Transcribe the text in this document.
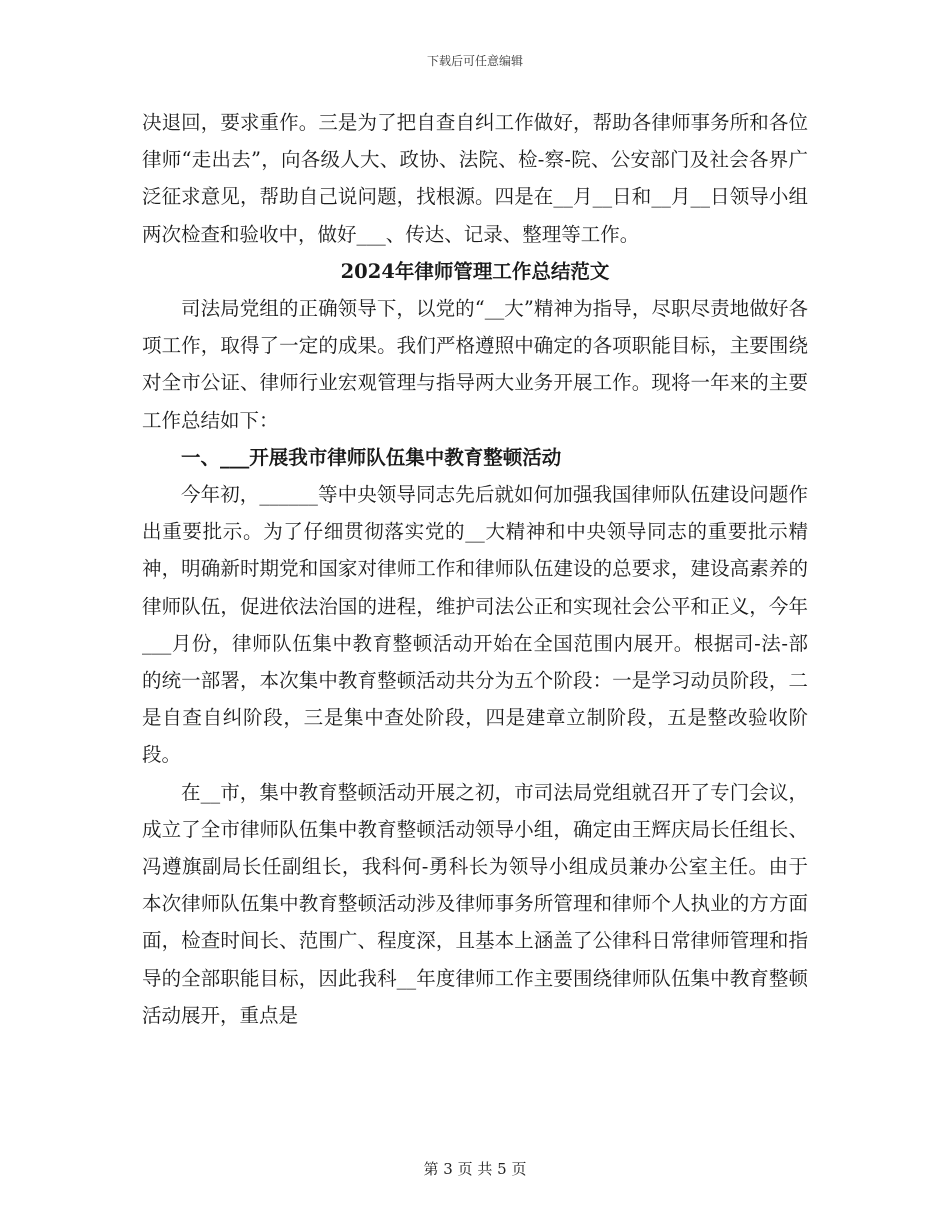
下载后可任意编辑

决退回，要求重作。三是为了把自查自纠工作做好，帮助各律师事务所和各位律师“走出去”，向各级人大、政协、法院、检-察-院、公安部门及社会各界广泛征求意见，帮助自己说问题，找根源。四是在__月__日和__月__日领导小组两次检查和验收中，做好___、传达、记录、整理等工作。

2024年律师管理工作总结范文

司法局党组的正确领导下，以党的“__大”精神为指导，尽职尽责地做好各项工作，取得了一定的成果。我们严格遵照中确定的各项职能目标，主要围绕对全市公证、律师行业宏观管理与指导两大业务开展工作。现将一年来的主要工作总结如下：

一、___开展我市律师队伍集中教育整顿活动

今年初，______等中央领导同志先后就如何加强我国律师队伍建设问题作出重要批示。为了仔细贯彻落实党的__大精神和中央领导同志的重要批示精神，明确新时期党和国家对律师工作和律师队伍建设的总要求，建设高素养的律师队伍，促进依法治国的进程，维护司法公正和实现社会公平和正义，今年___月份，律师队伍集中教育整顿活动开始在全国范围内展开。根据司-法-部的统一部署，本次集中教育整顿活动共分为五个阶段：一是学习动员阶段，二是自查自纠阶段，三是集中查处阶段，四是建章立制阶段，五是整改验收阶段。

在__市，集中教育整顿活动开展之初，市司法局党组就召开了专门会议，成立了全市律师队伍集中教育整顿活动领导小组，确定由王辉庆局长任组长、冯遵旗副局长任副组长，我科何-勇科长为领导小组成员兼办公室主任。由于本次律师队伍集中教育整顿活动涉及律师事务所管理和律师个人执业的方方面面，检查时间长、范围广、程度深，且基本上涵盖了公律科日常律师管理和指导的全部职能目标，因此我科__年度律师工作主要围绕律师队伍集中教育整顿活动展开，重点是

第 3 页 共 5 页
